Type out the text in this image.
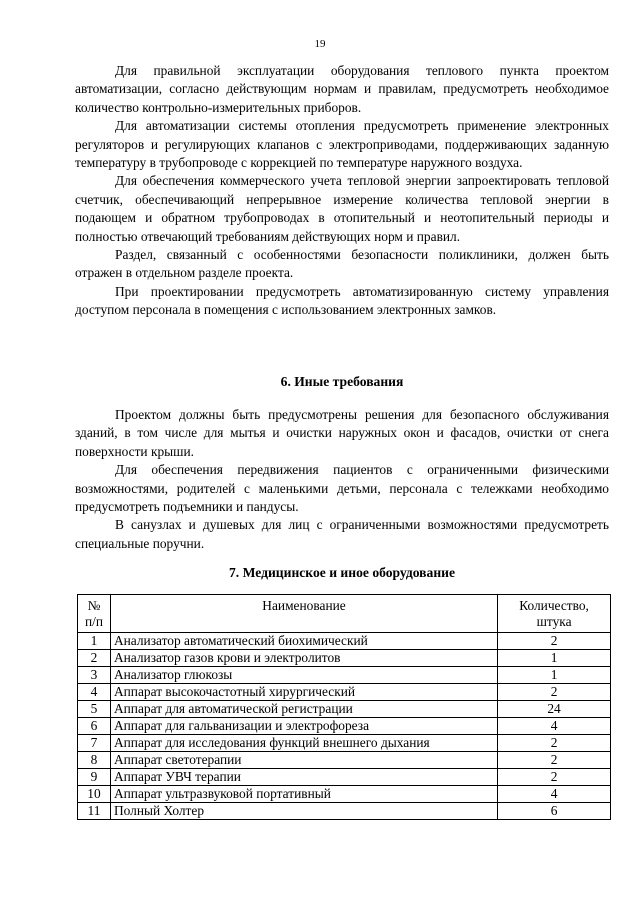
19

Для правильной эксплуатации оборудования теплового пункта проектом автоматизации, согласно действующим нормам и правилам, предусмотреть необходимое количество контрольно-измерительных приборов.

Для автоматизации системы отопления предусмотреть применение электронных регуляторов и регулирующих клапанов с электроприводами, поддерживающих заданную температуру в трубопроводе с коррекцией по температуре наружного воздуха.

Для обеспечения коммерческого учета тепловой энергии запроектировать тепловой счетчик, обеспечивающий непрерывное измерение количества тепловой энергии в подающем и обратном трубопроводах в отопительный и неотопительный периоды и полностью отвечающий требованиям действующих норм и правил.

Раздел, связанный с особенностями безопасности поликлиники, должен быть отражен в отдельном разделе проекта.

При проектировании предусмотреть автоматизированную систему управления доступом персонала в помещения с использованием электронных замков.

6. Иные требования

Проектом должны быть предусмотрены решения для безопасного обслуживания зданий, в том числе для мытья и очистки наружных окон и фасадов, очистки от снега поверхности крыши.

Для обеспечения передвижения пациентов с ограниченными физическими возможностями, родителей с маленькими детьми, персонала с тележками необходимо предусмотреть подъемники и пандусы.

В санузлах и душевых для лиц с ограниченными возможностями предусмотреть специальные поручни.

7. Медицинское и иное оборудование
№
п/п	Наименование	Количество,
штука

1	Анализатор автоматический биохимический	2
2	Анализатор газов крови и электролитов	1
3	Анализатор глюкозы	1
4	Аппарат высокочастотный хирургический	2
5	Аппарат для автоматической регистрации	24
6	Аппарат для гальванизации и электрофореза	4
7	Аппарат для исследования функций внешнего дыхания	2
8	Аппарат светотерапии	2
9	Аппарат УВЧ терапии	2
10	Аппарат ультразвуковой портативный	4
11	Полный Холтер	6
